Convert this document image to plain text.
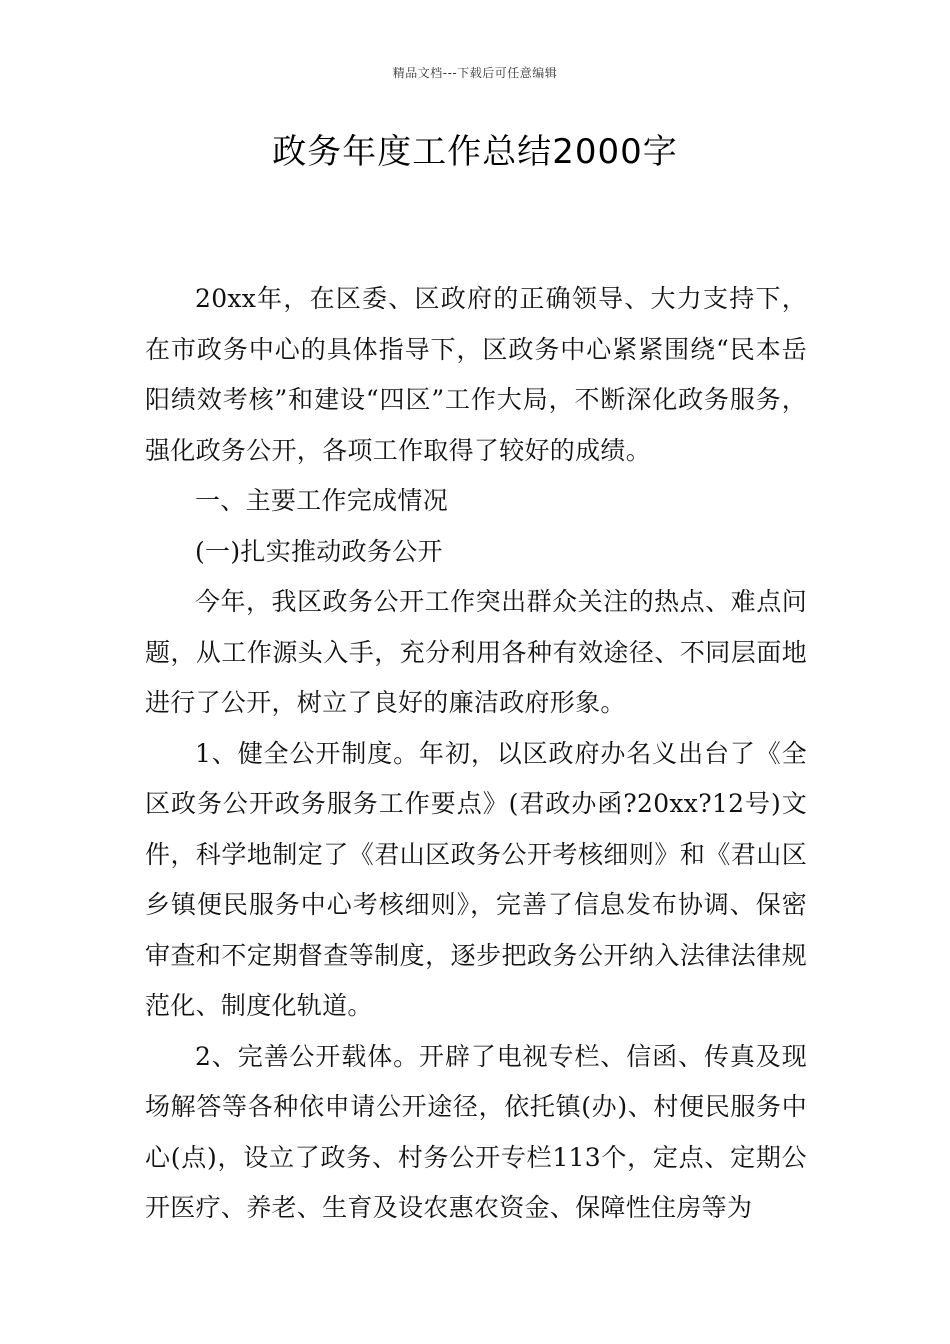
精品文档---下载后可任意编辑
政务年度工作总结2000字

20xx年，在区委、区政府的正确领导、大力支持下，在市政务中心的具体指导下，区政务中心紧紧围绕“民本岳阳绩效考核”和建设“四区”工作大局，不断深化政务服务，强化政务公开，各项工作取得了较好的成绩。

一、主要工作完成情况

(一)扎实推动政务公开

今年，我区政务公开工作突出群众关注的热点、难点问题，从工作源头入手，充分利用各种有效途径、不同层面地进行了公开，树立了良好的廉洁政府形象。

1、健全公开制度。年初，以区政府办名义出台了《全区政务公开政务服务工作要点》(君政办函?20xx?12号)文件，科学地制定了《君山区政务公开考核细则》和《君山区乡镇便民服务中心考核细则》，完善了信息发布协调、保密审查和不定期督查等制度，逐步把政务公开纳入法律法律规范化、制度化轨道。

2、完善公开载体。开辟了电视专栏、信函、传真及现场解答等各种依申请公开途径，依托镇(办)、村便民服务中心(点)，设立了政务、村务公开专栏113个，定点、定期公开医疗、养老、生育及设农惠农资金、保障性住房等为
